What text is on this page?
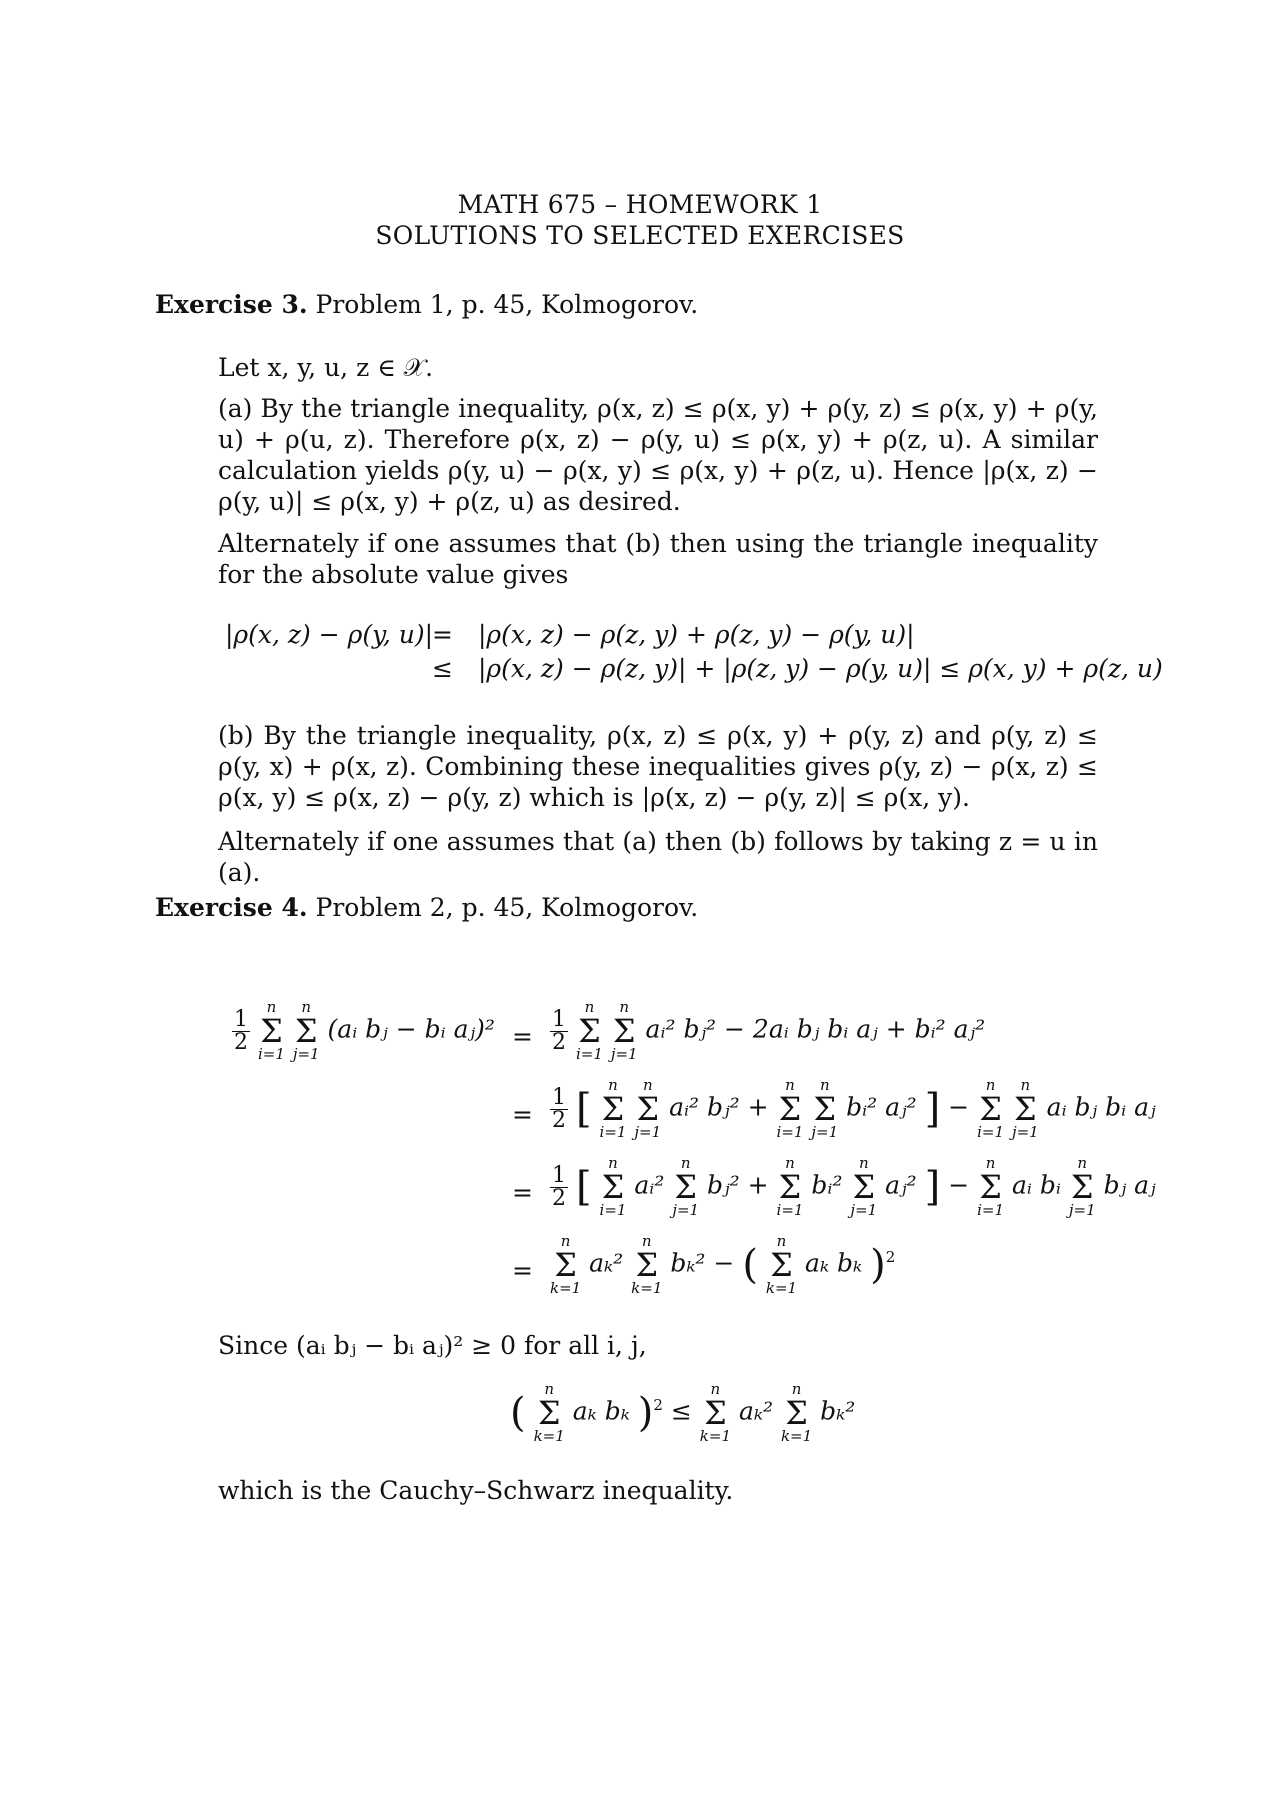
MATH 675 – HOMEWORK 1
SOLUTIONS TO SELECTED EXERCISES
Exercise 3. Problem 1, p. 45, Kolmogorov.
Let x, y, u, z ∈ 𝒳.
(a) By the triangle inequality, ρ(x, z) ≤ ρ(x, y) + ρ(y, z) ≤ ρ(x, y) + ρ(y, u) + ρ(u, z). Therefore ρ(x, z) − ρ(y, u) ≤ ρ(x, y) + ρ(z, u). A similar calculation yields ρ(y, u) − ρ(x, y) ≤ ρ(x, y) + ρ(z, u). Hence |ρ(x, z) − ρ(y, u)| ≤ ρ(x, y) + ρ(z, u) as desired.
Alternately if one assumes that (b) then using the triangle inequality for the absolute value gives
|ρ(x, z) − ρ(y, u)|
= |ρ(x, z) − ρ(z, y) + ρ(z, y) − ρ(y, u)|
≤ |ρ(x, z) − ρ(z, y)| + |ρ(z, y) − ρ(y, u)| ≤ ρ(x, y) + ρ(z, u)
(b) By the triangle inequality, ρ(x, z) ≤ ρ(x, y) + ρ(y, z) and ρ(y, z) ≤ ρ(y, x) + ρ(x, z). Combining these inequalities gives ρ(y, z) − ρ(x, z) ≤ ρ(x, y) ≤ ρ(x, z) − ρ(y, z) which is |ρ(x, z) − ρ(y, z)| ≤ ρ(x, y).
Alternately if one assumes that (a) then (b) follows by taking z = u in (a).
Exercise 4. Problem 2, p. 45, Kolmogorov.
$\frac{1}{2}$

n
Σ
i=1

n
Σ
j=1
(aᵢ bⱼ − bᵢ aⱼ)² = $\frac{1}{2}$

n
Σ
i=1

n
Σ
j=1
aᵢ² bⱼ² − 2aᵢ bⱼ bᵢ aⱼ + bᵢ² aⱼ²
= $\frac{1}{2}$ [
n
Σ
i=1

n
Σ
j=1
aᵢ² bⱼ² +
n
Σ
i=1

n
Σ
j=1
bᵢ² aⱼ² ] −
n
Σ
i=1

n
Σ
j=1
aᵢ bⱼ bᵢ aⱼ
= $\frac{1}{2}$ [
n
Σ
i=1
aᵢ²
n
Σ
j=1
bⱼ² +
n
Σ
i=1
bᵢ²
n
Σ
j=1
aⱼ² ] −
n
Σ
i=1
aᵢ bᵢ
n
Σ
j=1
bⱼ aⱼ
=
n
Σ
k=1
aₖ²
n
Σ
k=1
bₖ² − (
n
Σ
k=1
aₖ bₖ )$^2$
Since (aᵢ bⱼ − bᵢ aⱼ)² ≥ 0 for all i, j,
(
n
Σ
k=1
aₖ bₖ )$^2$ ≤
n
Σ
k=1
aₖ²
n
Σ
k=1
bₖ²
which is the Cauchy–Schwarz inequality.
